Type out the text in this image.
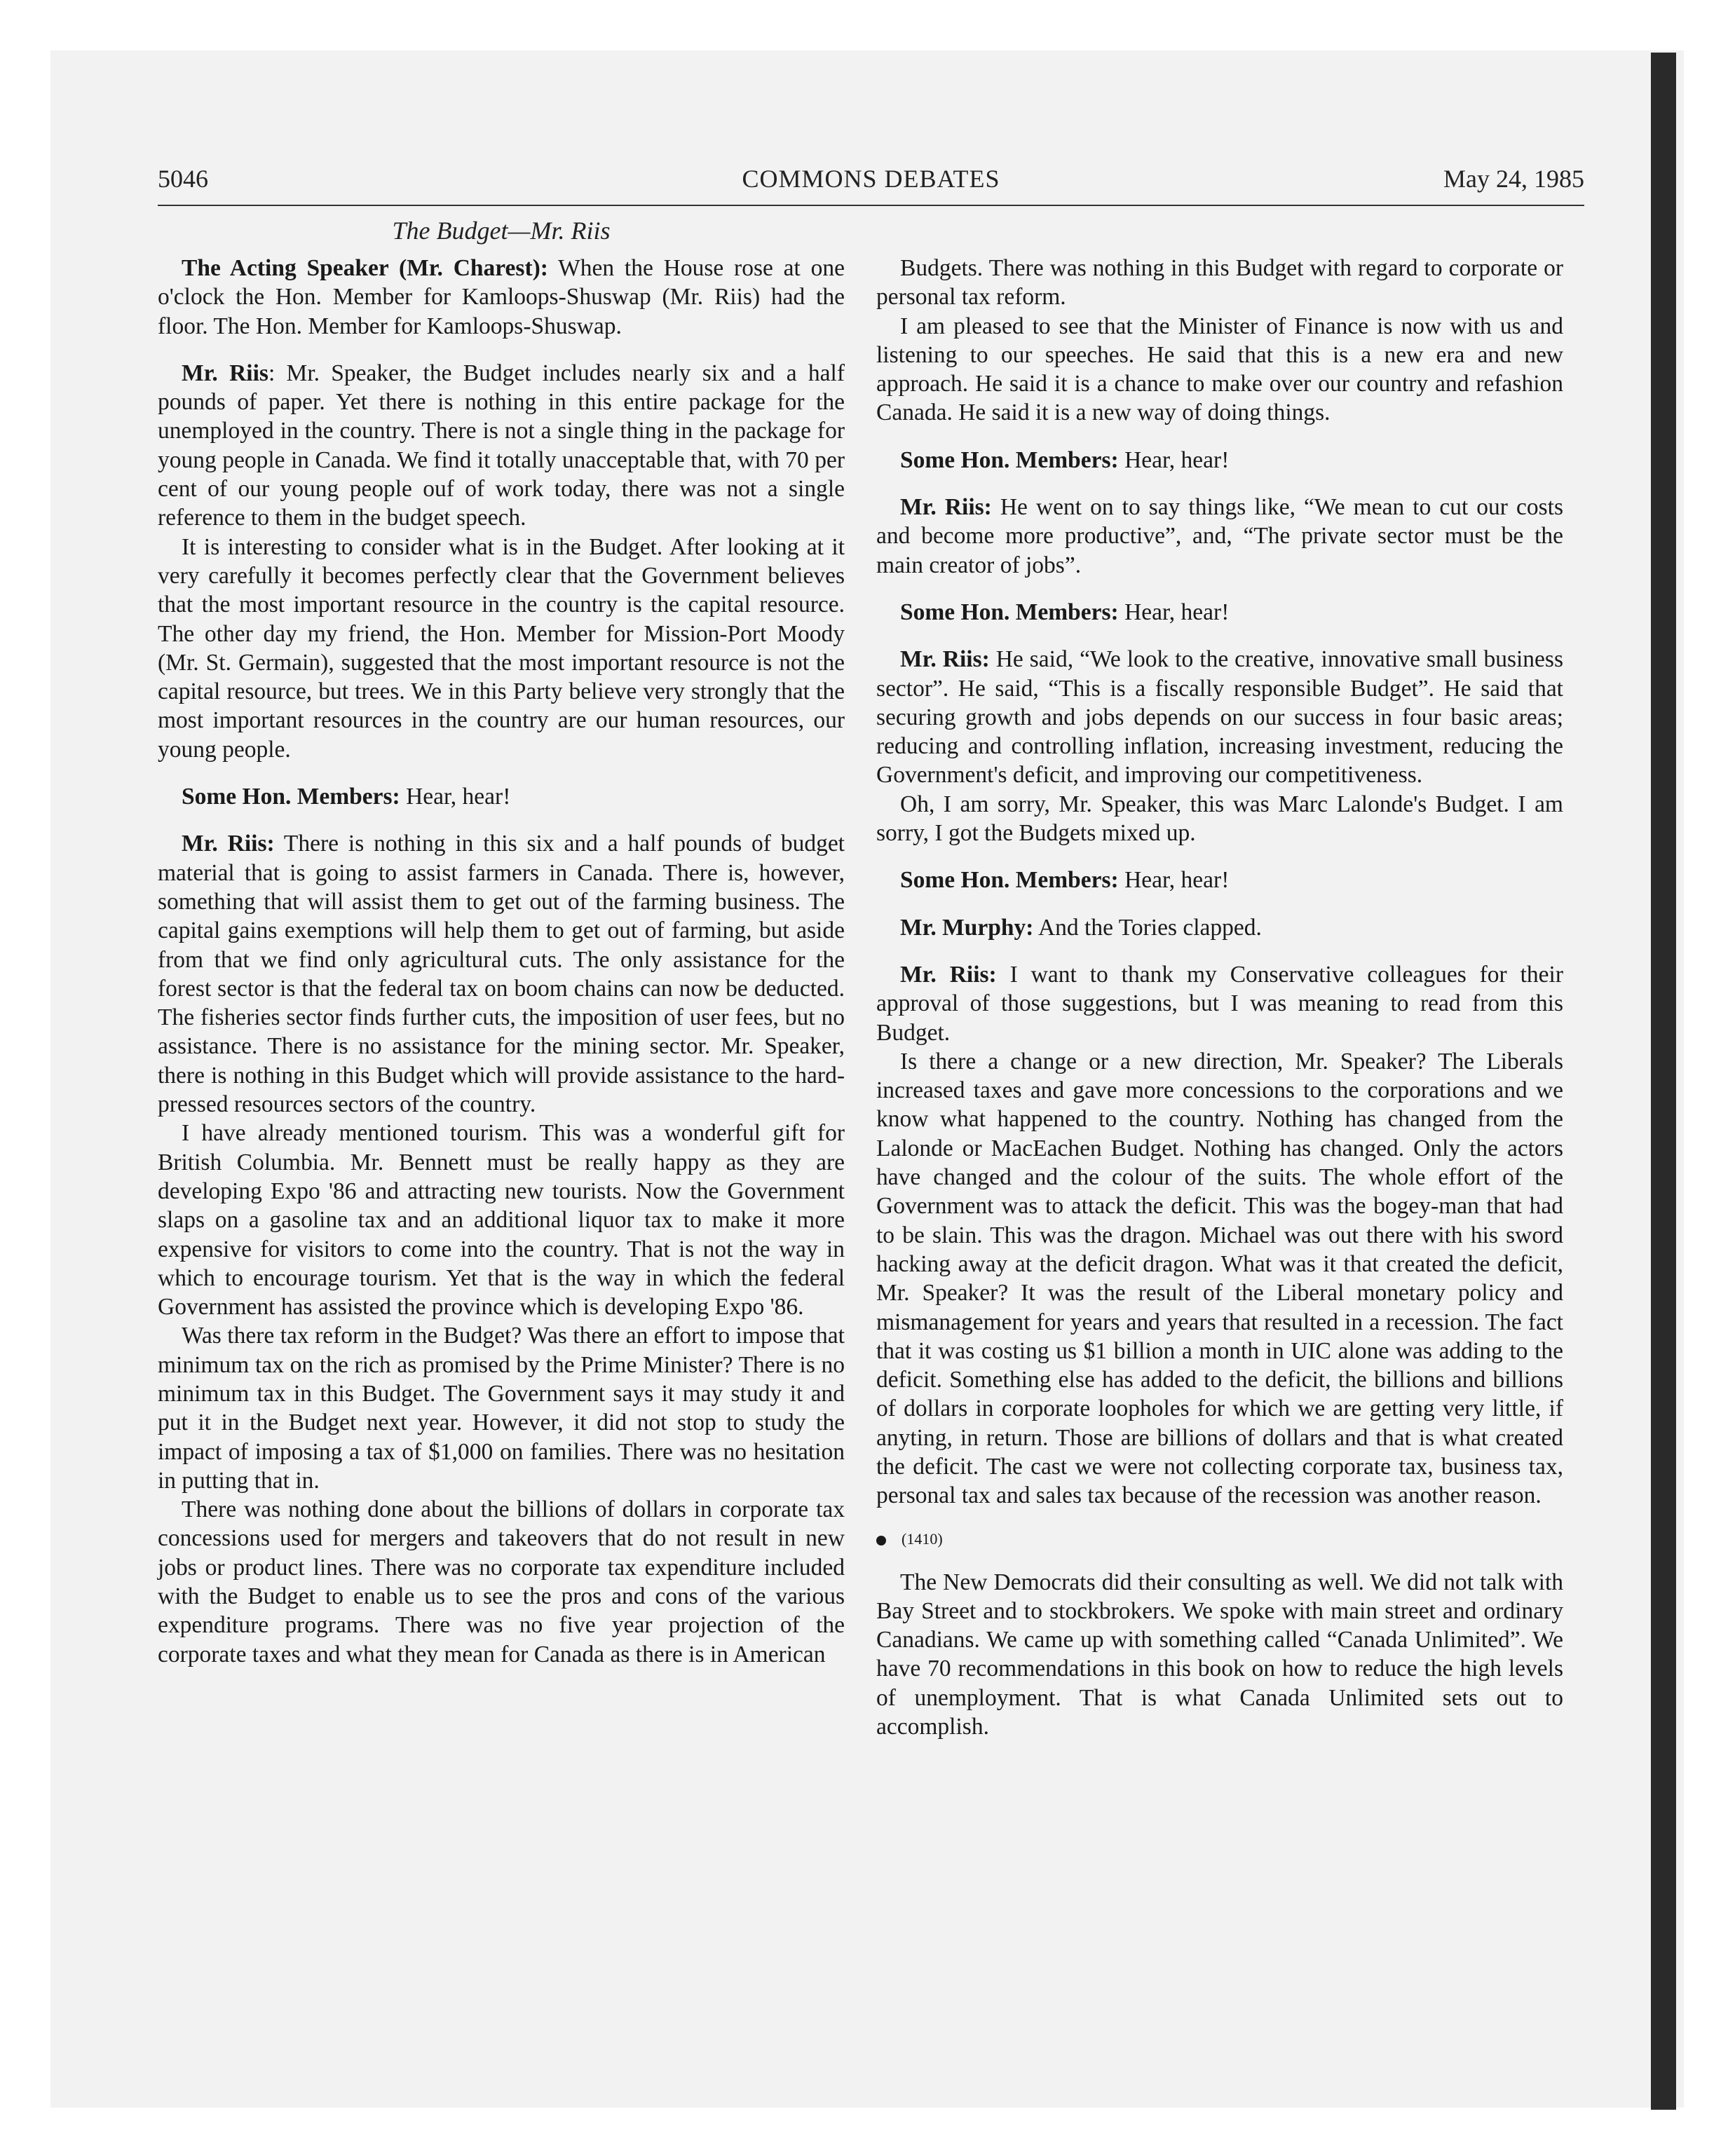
5046	COMMONS DEBATES	May 24, 1985
The Budget—Mr. Riis

The Acting Speaker (Mr. Charest): When the House rose at one o'clock the Hon. Member for Kamloops-Shuswap (Mr. Riis) had the floor. The Hon. Member for Kamloops-Shuswap.

Mr. Riis: Mr. Speaker, the Budget includes nearly six and a half pounds of paper. Yet there is nothing in this entire package for the unemployed in the country. There is not a single thing in the package for young people in Canada. We find it totally unacceptable that, with 70 per cent of our young people ouf of work today, there was not a single reference to them in the budget speech.

It is interesting to consider what is in the Budget. After looking at it very carefully it becomes perfectly clear that the Government believes that the most important resource in the country is the capital resource. The other day my friend, the Hon. Member for Mission-Port Moody (Mr. St. Germain), suggested that the most important resource is not the capital resource, but trees. We in this Party believe very strongly that the most important resources in the country are our human resources, our young people.

Some Hon. Members: Hear, hear!

Mr. Riis: There is nothing in this six and a half pounds of budget material that is going to assist farmers in Canada. There is, however, something that will assist them to get out of the farming business. The capital gains exemptions will help them to get out of farming, but aside from that we find only agricultural cuts. The only assistance for the forest sector is that the federal tax on boom chains can now be deducted. The fisheries sector finds further cuts, the imposition of user fees, but no assistance. There is no assistance for the mining sector. Mr. Speaker, there is nothing in this Budget which will provide assistance to the hard-pressed resources sectors of the country.

I have already mentioned tourism. This was a wonderful gift for British Columbia. Mr. Bennett must be really happy as they are developing Expo '86 and attracting new tourists. Now the Government slaps on a gasoline tax and an additional liquor tax to make it more expensive for visitors to come into the country. That is not the way in which to encourage tourism. Yet that is the way in which the federal Government has assisted the province which is developing Expo '86.

Was there tax reform in the Budget? Was there an effort to impose that minimum tax on the rich as promised by the Prime Minister? There is no minimum tax in this Budget. The Government says it may study it and put it in the Budget next year. However, it did not stop to study the impact of imposing a tax of $1,000 on families. There was no hesitation in putting that in.

There was nothing done about the billions of dollars in corporate tax concessions used for mergers and takeovers that do not result in new jobs or product lines. There was no corporate tax expenditure included with the Budget to enable us to see the pros and cons of the various expenditure programs. There was no five year projection of the corporate taxes and what they mean for Canada as there is in American

Budgets. There was nothing in this Budget with regard to corporate or personal tax reform.

I am pleased to see that the Minister of Finance is now with us and listening to our speeches. He said that this is a new era and new approach. He said it is a chance to make over our country and refashion Canada. He said it is a new way of doing things.

Some Hon. Members: Hear, hear!

Mr. Riis: He went on to say things like, “We mean to cut our costs and become more productive”, and, “The private sector must be the main creator of jobs”.

Some Hon. Members: Hear, hear!

Mr. Riis: He said, “We look to the creative, innovative small business sector”. He said, “This is a fiscally responsible Budget”. He said that securing growth and jobs depends on our success in four basic areas; reducing and controlling inflation, increasing investment, reducing the Government's deficit, and improving our competitiveness.

Oh, I am sorry, Mr. Speaker, this was Marc Lalonde's Budget. I am sorry, I got the Budgets mixed up.

Some Hon. Members: Hear, hear!

Mr. Murphy: And the Tories clapped.

Mr. Riis: I want to thank my Conservative colleagues for their approval of those suggestions, but I was meaning to read from this Budget.

Is there a change or a new direction, Mr. Speaker? The Liberals increased taxes and gave more concessions to the corporations and we know what happened to the country. Nothing has changed from the Lalonde or MacEachen Budget. Nothing has changed. Only the actors have changed and the colour of the suits. The whole effort of the Government was to attack the deficit. This was the bogey-man that had to be slain. This was the dragon. Michael was out there with his sword hacking away at the deficit dragon. What was it that created the deficit, Mr. Speaker? It was the result of the Liberal monetary policy and mismanagement for years and years that resulted in a recession. The fact that it was costing us $1 billion a month in UIC alone was adding to the deficit. Something else has added to the deficit, the billions and billions of dollars in corporate loopholes for which we are getting very little, if anyting, in return. Those are billions of dollars and that is what created the deficit. The cast we were not collecting corporate tax, business tax, personal tax and sales tax because of the recession was another reason.

(1410)

The New Democrats did their consulting as well. We did not talk with Bay Street and to stockbrokers. We spoke with main street and ordinary Canadians. We came up with something called “Canada Unlimited”. We have 70 recommendations in this book on how to reduce the high levels of unemployment. That is what Canada Unlimited sets out to accomplish.
